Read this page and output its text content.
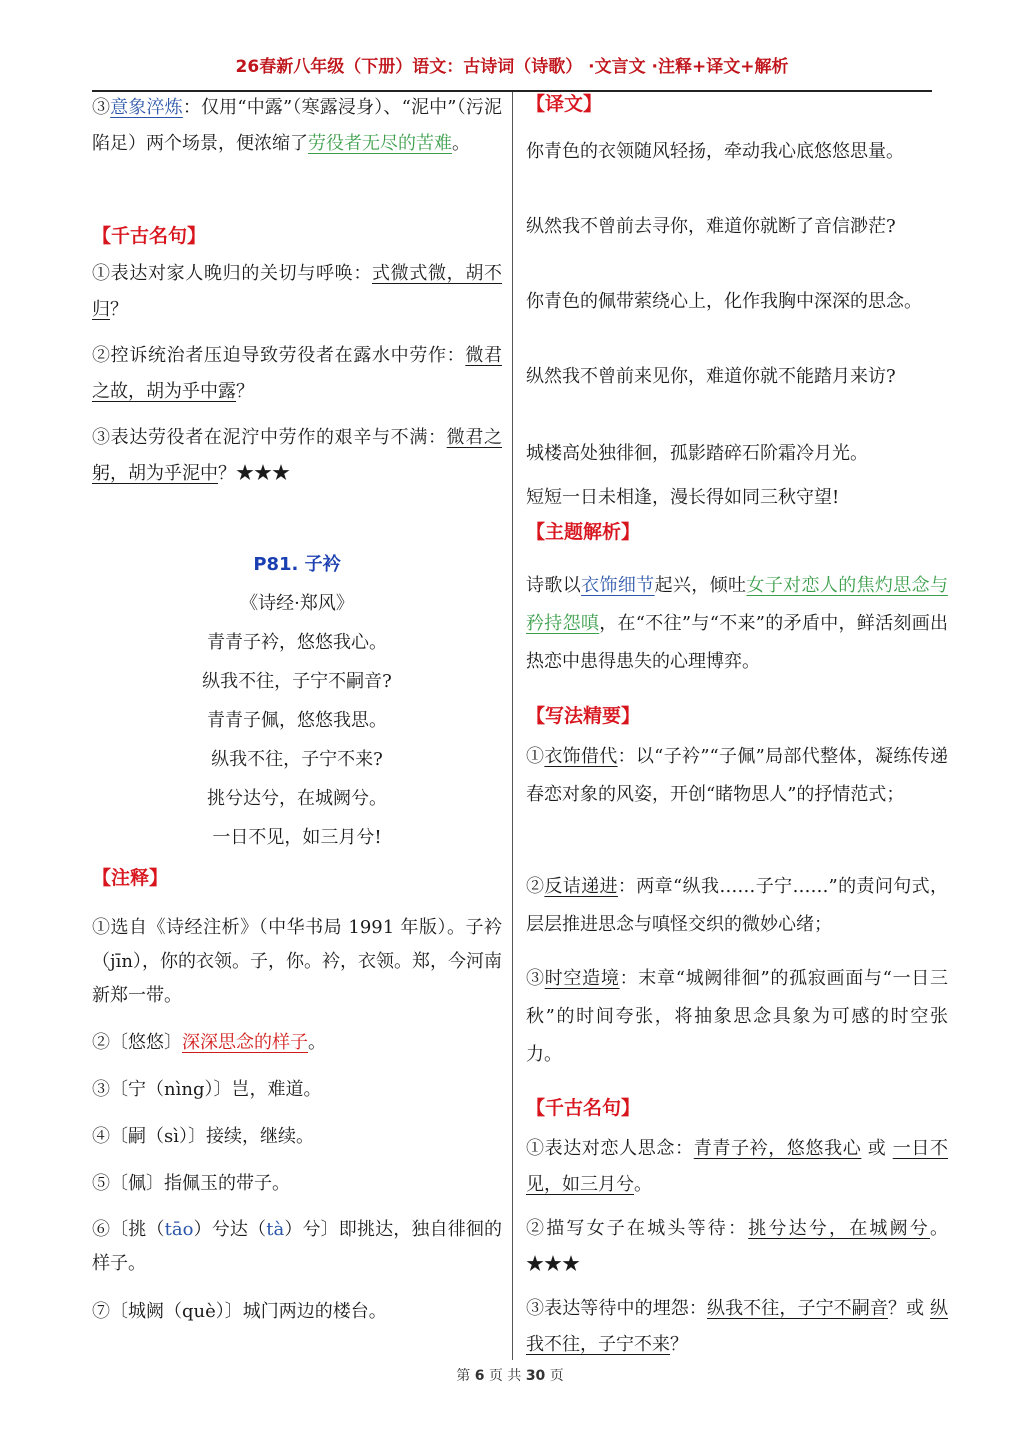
26春新八年级（下册）语文：古诗词（诗歌） ·文言文 ·注释+译文+解析

③意象淬炼：仅用“中露”（寒露浸身）、“泥中”（污泥陷足）两个场景，便浓缩了劳役者无尽的苦难。

【千古名句】

①表达对家人晚归的关切与呼唤：式微式微，胡不归？

②控诉统治者压迫导致劳役者在露水中劳作：微君之故，胡为乎中露？

③表达劳役者在泥泞中劳作的艰辛与不满：微君之躬，胡为乎泥中？★★★

P81. 子衿
《诗经·郑风》
青青子衿，悠悠我心。
纵我不往，子宁不嗣音?
青青子佩，悠悠我思。
纵我不往，子宁不来?
挑兮达兮，在城阙兮。
一日不见，如三月兮!
【注释】

①选自《诗经注析》（中华书局 1991 年版）。子衿（jīn），你的衣领。子，你。衿，衣领。郑，今河南新郑一带。

②〔悠悠〕深深思念的样子。

③〔宁（nìng）〕岂，难道。

④〔嗣（sì）〕接续，继续。

⑤〔佩〕指佩玉的带子。

⑥〔挑（tāo）兮达（tà）兮〕即挑达，独自徘徊的样子。

⑦〔城阙（què）〕城门两边的楼台。

【译文】

你青色的衣领随风轻扬，牵动我心底悠悠思量。

纵然我不曾前去寻你，难道你就断了音信渺茫?

你青色的佩带萦绕心上，化作我胸中深深的思念。

纵然我不曾前来见你，难道你就不能踏月来访?

城楼高处独徘徊，孤影踏碎石阶霜冷月光。

短短一日未相逢，漫长得如同三秋守望!

【主题解析】

诗歌以衣饰细节起兴，倾吐女子对恋人的焦灼思念与矜持怨嗔，在“不往”与“不来”的矛盾中，鲜活刻画出热恋中患得患失的心理博弈。

【写法精要】

①衣饰借代：以“子衿”“子佩”局部代整体，凝练传递春恋对象的风姿，开创“睹物思人”的抒情范式；

②反诘递进：两章“纵我……子宁……”的责问句式，层层推进思念与嗔怪交织的微妙心绪；

③时空造境：末章“城阙徘徊”的孤寂画面与“一日三秋”的时间夸张，将抽象思念具象为可感的时空张力。

【千古名句】

①表达对恋人思念：青青子衿，悠悠我心 或 一日不见，如三月兮。

②描写女子在城头等待：挑兮达兮，在城阙兮。★★★

③表达等待中的埋怨：纵我不往，子宁不嗣音？或 纵我不往，子宁不来？

第 6 页 共 30 页
